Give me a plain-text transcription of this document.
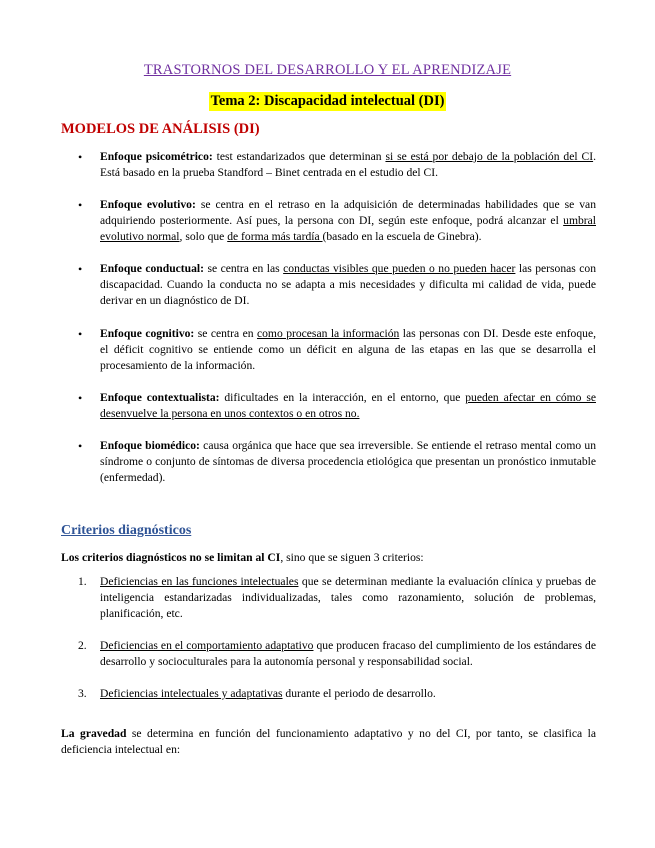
TRASTORNOS DEL DESARROLLO Y EL APRENDIZAJE
Tema 2: Discapacidad intelectual (DI)
MODELOS DE ANÁLISIS (DI)
• Enfoque psicométrico: test estandarizados que determinan si se está por debajo de la población del CI. Está basado en la prueba Standford – Binet centrada en el estudio del CI.
• Enfoque evolutivo: se centra en el retraso en la adquisición de determinadas habilidades que se van adquiriendo posteriormente. Así pues, la persona con DI, según este enfoque, podrá alcanzar el umbral evolutivo normal, solo que de forma más tardía (basado en la escuela de Ginebra).
• Enfoque conductual: se centra en las conductas visibles que pueden o no pueden hacer las personas con discapacidad. Cuando la conducta no se adapta a mis necesidades y dificulta mi calidad de vida, puede derivar en un diagnóstico de DI.
• Enfoque cognitivo: se centra en como procesan la información las personas con DI. Desde este enfoque, el déficit cognitivo se entiende como un déficit en alguna de las etapas en las que se desarrolla el procesamiento de la información.
• Enfoque contextualista: dificultades en la interacción, en el entorno, que pueden afectar en cómo se desenvuelve la persona en unos contextos o en otros no.
• Enfoque biomédico: causa orgánica que hace que sea irreversible. Se entiende el retraso mental como un síndrome o conjunto de síntomas de diversa procedencia etiológica que presentan un pronóstico inmutable (enfermedad).
Criterios diagnósticos
Los criterios diagnósticos no se limitan al CI, sino que se siguen 3 criterios:
1. Deficiencias en las funciones intelectuales que se determinan mediante la evaluación clínica y pruebas de inteligencia estandarizadas individualizadas, tales como razonamiento, solución de problemas, planificación, etc.
2. Deficiencias en el comportamiento adaptativo que producen fracaso del cumplimiento de los estándares de desarrollo y socioculturales para la autonomía personal y responsabilidad social.
3. Deficiencias intelectuales y adaptativas durante el periodo de desarrollo.
La gravedad se determina en función del funcionamiento adaptativo y no del CI, por tanto, se clasifica la deficiencia intelectual en:
